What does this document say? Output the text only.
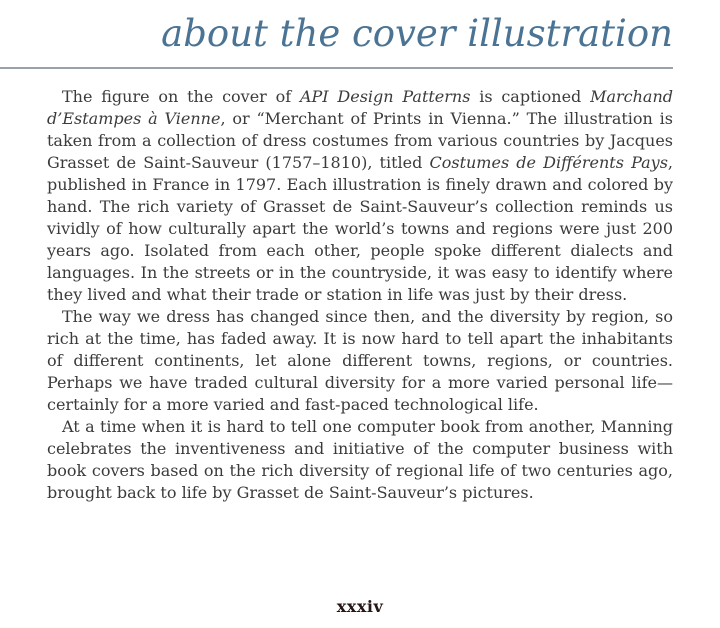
about the cover illustration

The figure on the cover of API Design Patterns is captioned Marchand d’Estampes à Vienne, or “Merchant of Prints in Vienna.” The illustration is taken from a collection of dress costumes from various countries by Jacques Grasset de Saint-Sauveur (1757–1810), titled Costumes de Différents Pays, published in France in 1797. Each illustration is finely drawn and colored by hand. The rich variety of Grasset de Saint-Sauveur’s collection reminds us vividly of how culturally apart the world’s towns and regions were just 200 years ago. Isolated from each other, people spoke different dialects and languages. In the streets or in the countryside, it was easy to identify where they lived and what their trade or station in life was just by their dress.

The way we dress has changed since then, and the diversity by region, so rich at the time, has faded away. It is now hard to tell apart the inhabitants of different continents, let alone different towns, regions, or countries. Perhaps we have traded cultural diversity for a more varied personal life—certainly for a more varied and fast-paced technological life.

At a time when it is hard to tell one computer book from another, Manning celebrates the inventiveness and initiative of the computer business with book covers based on the rich diversity of regional life of two centuries ago, brought back to life by Grasset de Saint-Sauveur’s pictures.

xxxiv
